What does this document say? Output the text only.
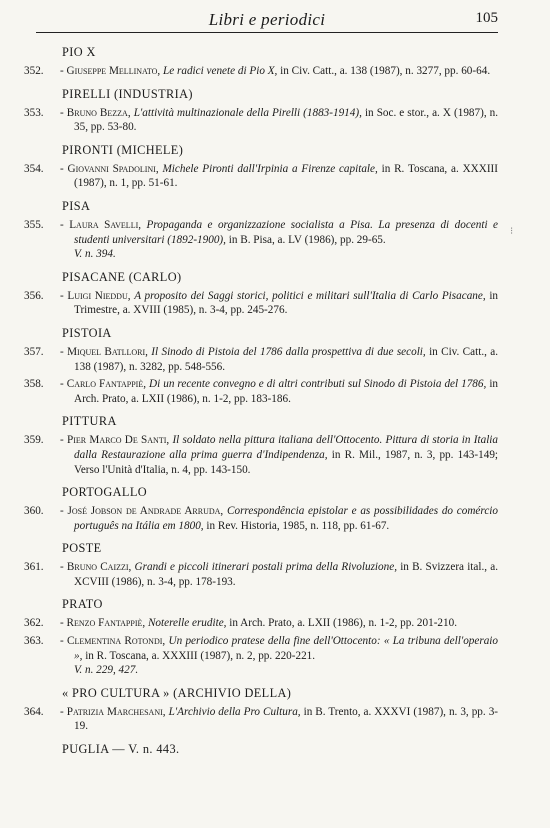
Libri e periodici	105
⁝
PIO X
352. - Giuseppe Mellinato, Le radici venete di Pio X, in Civ. Catt., a. 138 (1987), n. 3277, pp. 60-64.
PIRELLI (INDUSTRIA)
353. - Bruno Bezza, L'attività multinazionale della Pirelli (1883-1914), in Soc. e stor., a. X (1987), n. 35, pp. 53-80.
PIRONTI (MICHELE)
354. - Giovanni Spadolini, Michele Pironti dall'Irpinia a Firenze capitale, in R. Toscana, a. XXXIII (1987), n. 1, pp. 51-61.
PISA
355. - Laura Savelli, Propaganda e organizzazione socialista a Pisa. La presenza di docenti e studenti universitari (1892-1900), in B. Pisa, a. LV (1986), pp. 29-65.
V. n. 394.
PISACANE (CARLO)
356. - Luigi Nieddu, A proposito dei Saggi storici, politici e militari sull'Italia di Carlo Pisacane, in Trimestre, a. XVIII (1985), n. 3-4, pp. 245-276.
PISTOIA
357. - Miquel Batllori, Il Sinodo di Pistoia del 1786 dalla prospettiva di due secoli, in Civ. Catt., a. 138 (1987), n. 3282, pp. 548-556.
358. - Carlo Fantappiè, Di un recente convegno e di altri contributi sul Sinodo di Pistoia del 1786, in Arch. Prato, a. LXII (1986), n. 1-2, pp. 183-186.
PITTURA
359. - Pier Marco De Santi, Il soldato nella pittura italiana dell'Ottocento. Pittura di storia in Italia dalla Restaurazione alla prima guerra d'Indipendenza, in R. Mil., 1987, n. 3, pp. 143-149; Verso l'Unità d'Italia, n. 4, pp. 143-150.
PORTOGALLO
360. - José Jobson de Andrade Arruda, Correspondência epistolar e as possibilidades do comércio português na Itália em 1800, in Rev. Historia, 1985, n. 118, pp. 61-67.
POSTE
361. - Bruno Caizzi, Grandi e piccoli itinerari postali prima della Rivoluzione, in B. Svizzera ital., a. XCVIII (1986), n. 3-4, pp. 178-193.
PRATO
362. - Renzo Fantappiè, Noterelle erudite, in Arch. Prato, a. LXII (1986), n. 1-2, pp. 201-210.
363. - Clementina Rotondi, Un periodico pratese della fine dell'Ottocento: « La tribuna dell'operaio », in R. Toscana, a. XXXIII (1987), n. 2, pp. 220-221.
V. n. 229, 427.
« PRO CULTURA » (ARCHIVIO DELLA)
364. - Patrizia Marchesani, L'Archivio della Pro Cultura, in B. Trento, a. XXXVI (1987), n. 3, pp. 3-19.
PUGLIA — V. n. 443.
